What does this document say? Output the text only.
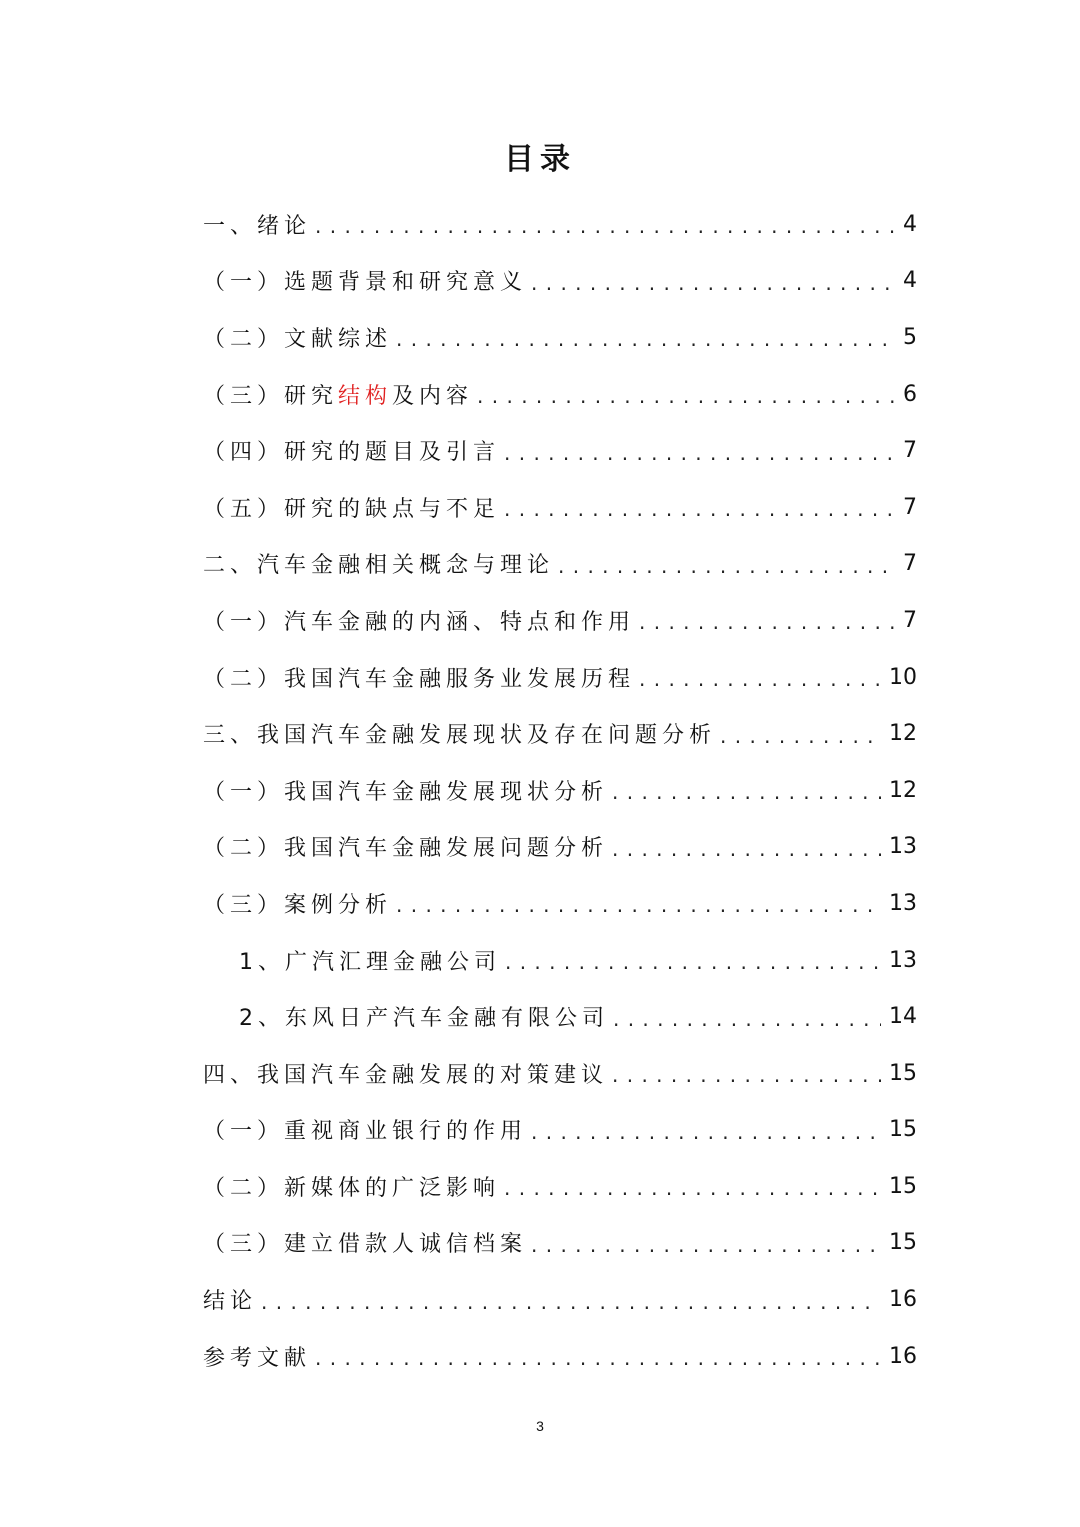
目录
一、绪论 . . .	4
（一）选题背景和研究意义 . . .	4
（二）文献综述 . . .	5
（三）研究结构及内容 . . .	6
（四）研究的题目及引言 . . .	7
（五）研究的缺点与不足 . . .	7
二、汽车金融相关概念与理论 . . .	7
（一）汽车金融的内涵、特点和作用 . . .	7
（二）我国汽车金融服务业发展历程 . . .	10
三、我国汽车金融发展现状及存在问题分析 . . .	12
（一）我国汽车金融发展现状分析 . . .	12
（二）我国汽车金融发展问题分析 . . .	13
（三）案例分析 . . .	13
1、广汽汇理金融公司 . . .	13
2、东风日产汽车金融有限公司 . . .	14
四、我国汽车金融发展的对策建议 . . .	15
（一）重视商业银行的作用 . . .	15
（二）新媒体的广泛影响 . . .	15
（三）建立借款人诚信档案 . . .	15
结论 . . .	16
参考文献 . . .	16
3
